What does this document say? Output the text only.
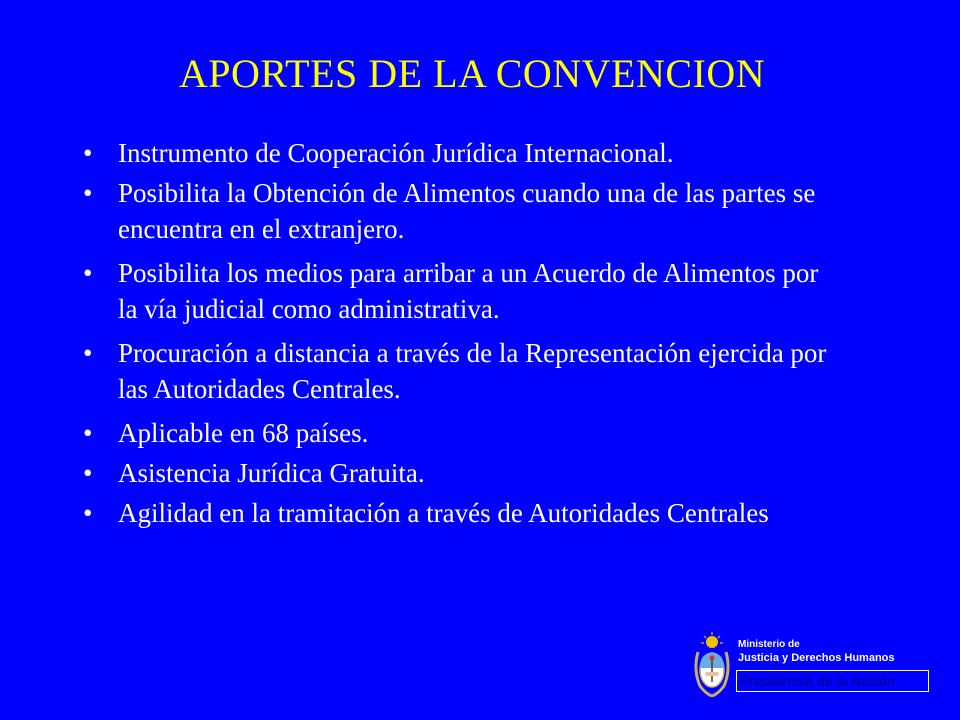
APORTES DE LA CONVENCION
• Instrumento de Cooperación Jurídica Internacional.
• Posibilita la Obtención de Alimentos cuando una de las partes se encuentra en el extranjero.
• Posibilita los medios para arribar a un Acuerdo de Alimentos por la vía judicial como administrativa.
• Procuración a distancia a través de la Representación ejercida por las Autoridades Centrales.
• Aplicable en 68 países.
• Asistencia Jurídica Gratuita.
• Agilidad en la tramitación a través de Autoridades Centrales
Ministerio de
Justicia y Derechos Humanos
Presidencia de la Nación
